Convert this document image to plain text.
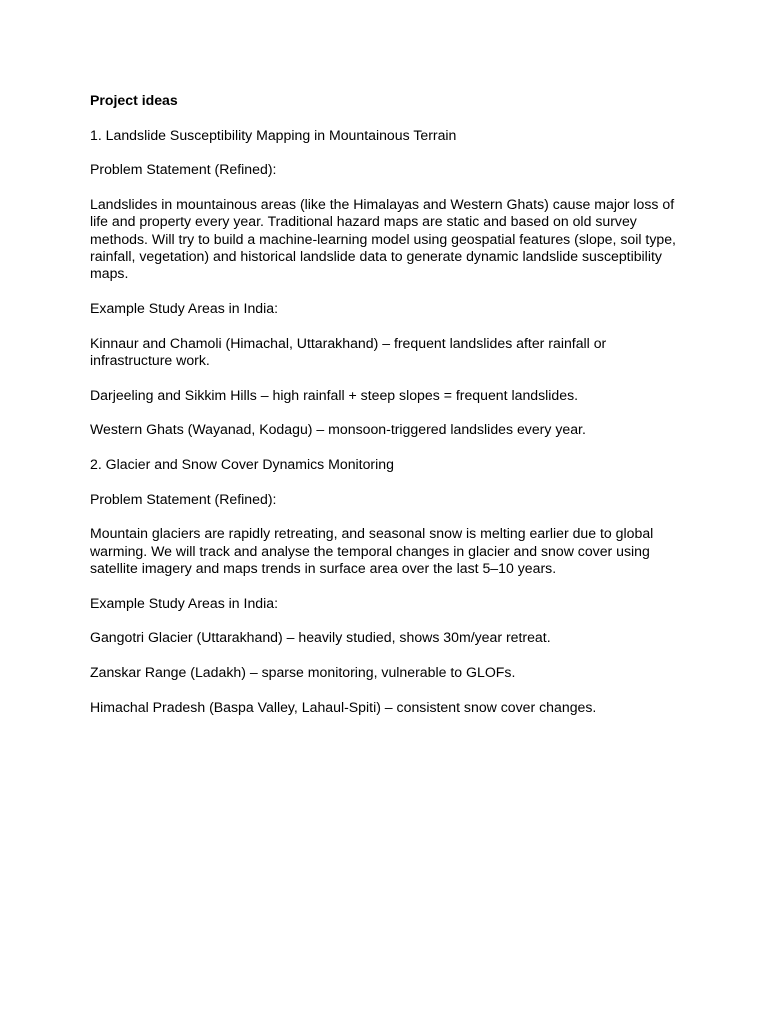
Project ideas

1. Landslide Susceptibility Mapping in Mountainous Terrain

Problem Statement (Refined):

Landslides in mountainous areas (like the Himalayas and Western Ghats) cause major loss of life and property every year. Traditional hazard maps are static and based on old survey methods. Will try to build a machine-learning model using geospatial features (slope, soil type, rainfall, vegetation) and historical landslide data to generate dynamic landslide susceptibility maps.

Example Study Areas in India:

Kinnaur and Chamoli (Himachal, Uttarakhand) – frequent landslides after rainfall or infrastructure work.

Darjeeling and Sikkim Hills – high rainfall + steep slopes = frequent landslides.

Western Ghats (Wayanad, Kodagu) – monsoon-triggered landslides every year.

2. Glacier and Snow Cover Dynamics Monitoring

Problem Statement (Refined):

Mountain glaciers are rapidly retreating, and seasonal snow is melting earlier due to global warming. We will track and analyse the temporal changes in glacier and snow cover using satellite imagery and maps trends in surface area over the last 5–10 years.

Example Study Areas in India:

Gangotri Glacier (Uttarakhand) – heavily studied, shows 30m/year retreat.

Zanskar Range (Ladakh) – sparse monitoring, vulnerable to GLOFs.

Himachal Pradesh (Baspa Valley, Lahaul-Spiti) – consistent snow cover changes.
